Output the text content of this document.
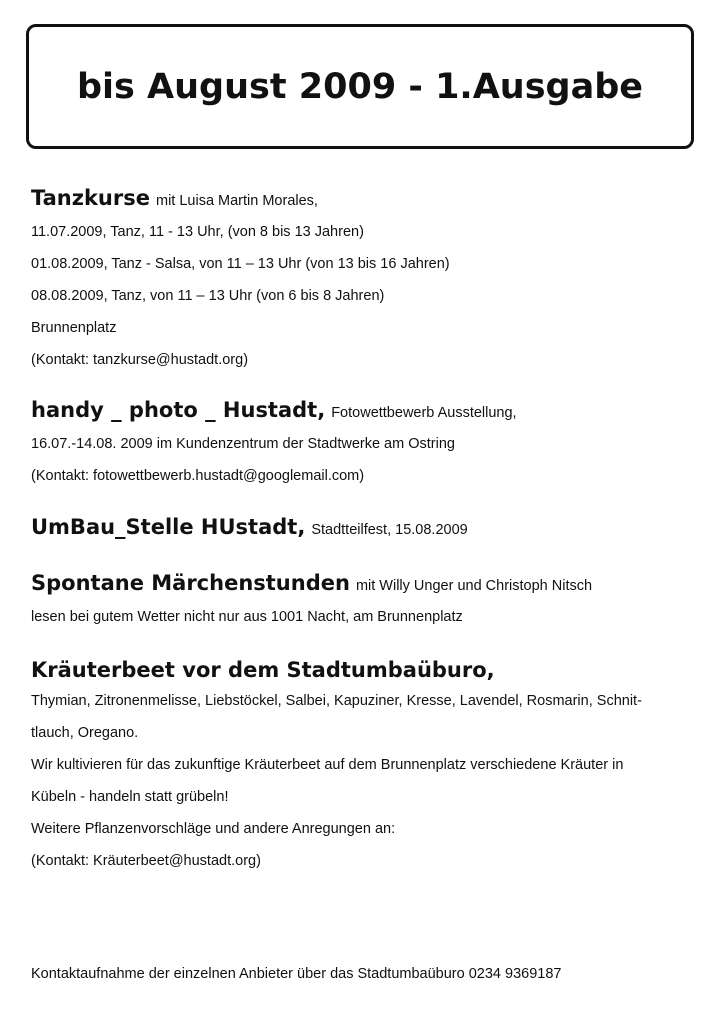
bis August 2009 - 1.Ausgabe
Tanzkurse mit Luisa Martin Morales,
11.07.2009, Tanz, 11 - 13 Uhr, (von 8 bis 13 Jahren)
01.08.2009, Tanz - Salsa, von 11 – 13 Uhr (von 13 bis 16 Jahren)
08.08.2009, Tanz, von 11 – 13 Uhr (von 6 bis 8 Jahren)
Brunnenplatz
(Kontakt: tanzkurse@hustadt.org)
handy _ photo _ Hustadt, Fotowettbewerb Ausstellung,
16.07.-14.08. 2009 im Kundenzentrum der Stadtwerke am Ostring
(Kontakt: fotowettbewerb.hustadt@googlemail.com)
UmBau_Stelle HUstadt, Stadtteilfest, 15.08.2009
Spontane Märchenstunden mit Willy Unger und Christoph Nitsch
lesen bei gutem Wetter nicht nur aus 1001 Nacht, am Brunnenplatz
Kräuterbeet vor dem Stadtumbaüburo,
Thymian, Zitronenmelisse, Liebstöckel, Salbei, Kapuziner, Kresse, Lavendel, Rosmarin, Schnit-
tlauch, Oregano.
Wir kultivieren für das zukunftige Kräuterbeet auf dem Brunnenplatz verschiedene Kräuter in
Kübeln - handeln statt grübeln!
Weitere Pflanzenvorschläge und andere Anregungen an:
(Kontakt: Kräuterbeet@hustadt.org)
Kontaktaufnahme der einzelnen Anbieter über das Stadtumbaüburo 0234 9369187
